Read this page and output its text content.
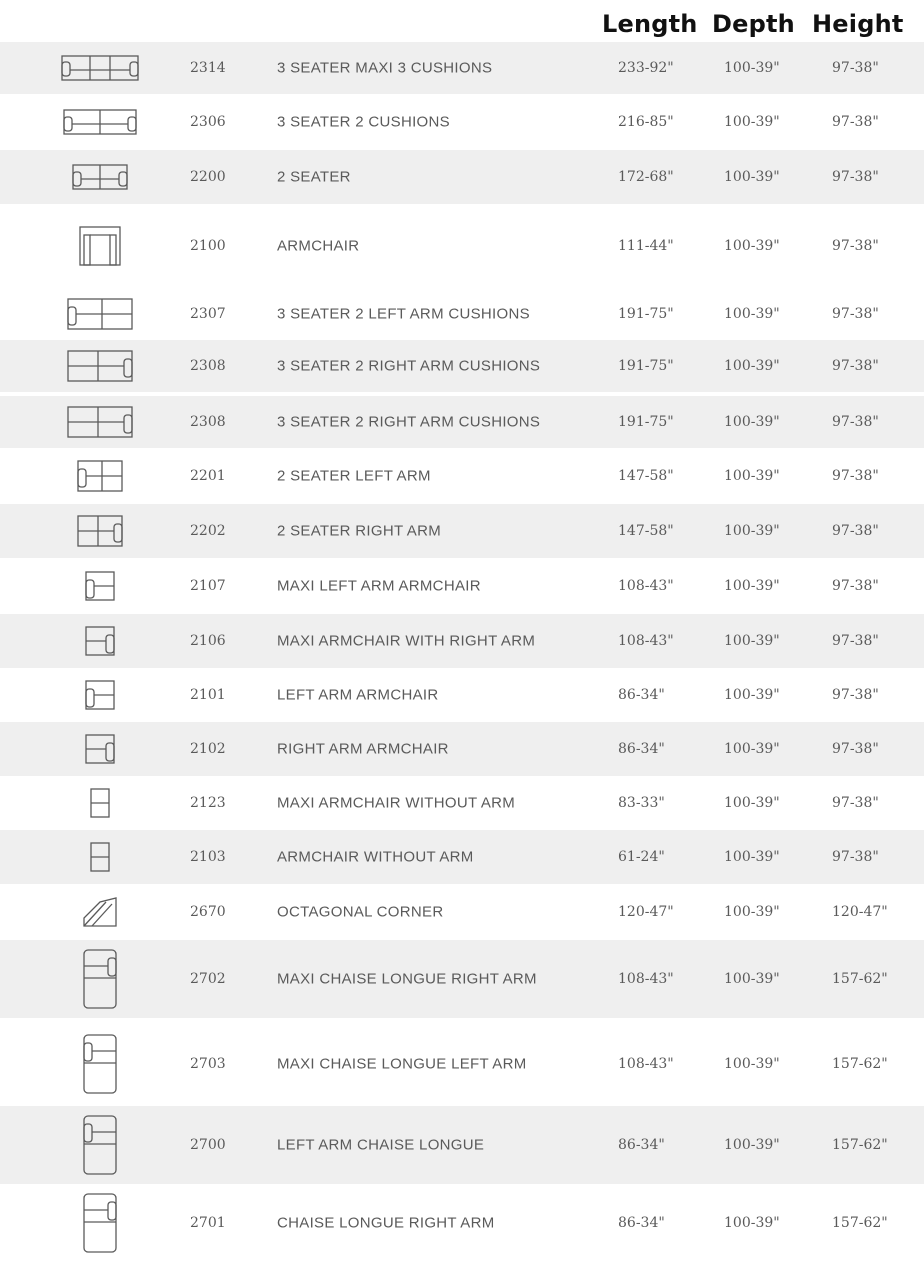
Length Depth Height
2314	3 SEATER MAXI 3 CUSHIONS	233-92"	100-39"	97-38"
2306	3 SEATER 2 CUSHIONS	216-85"	100-39"	97-38"
2200	2 SEATER	172-68"	100-39"	97-38"
2100	ARMCHAIR	111-44"	100-39"	97-38"
2307	3 SEATER 2 LEFT ARM CUSHIONS	191-75"	100-39"	97-38"
2308	3 SEATER 2 RIGHT ARM CUSHIONS	191-75"	100-39"	97-38"
2308	3 SEATER 2 RIGHT ARM CUSHIONS	191-75"	100-39"	97-38"
2201	2 SEATER LEFT ARM	147-58"	100-39"	97-38"
2202	2 SEATER RIGHT ARM	147-58"	100-39"	97-38"
2107	MAXI LEFT ARM ARMCHAIR	108-43"	100-39"	97-38"
2106	MAXI ARMCHAIR WITH RIGHT ARM	108-43"	100-39"	97-38"
2101	LEFT ARM ARMCHAIR	86-34"	100-39"	97-38"
2102	RIGHT ARM ARMCHAIR	86-34"	100-39"	97-38"
2123	MAXI ARMCHAIR WITHOUT ARM	83-33"	100-39"	97-38"
2103	ARMCHAIR WITHOUT ARM	61-24"	100-39"	97-38"
2670	OCTAGONAL CORNER	120-47"	100-39"	120-47"
2702	MAXI CHAISE LONGUE RIGHT ARM	108-43"	100-39"	157-62"
2703	MAXI CHAISE LONGUE LEFT ARM	108-43"	100-39"	157-62"
2700	LEFT ARM CHAISE LONGUE	86-34"	100-39"	157-62"
2701	CHAISE LONGUE RIGHT ARM	86-34"	100-39"	157-62"
